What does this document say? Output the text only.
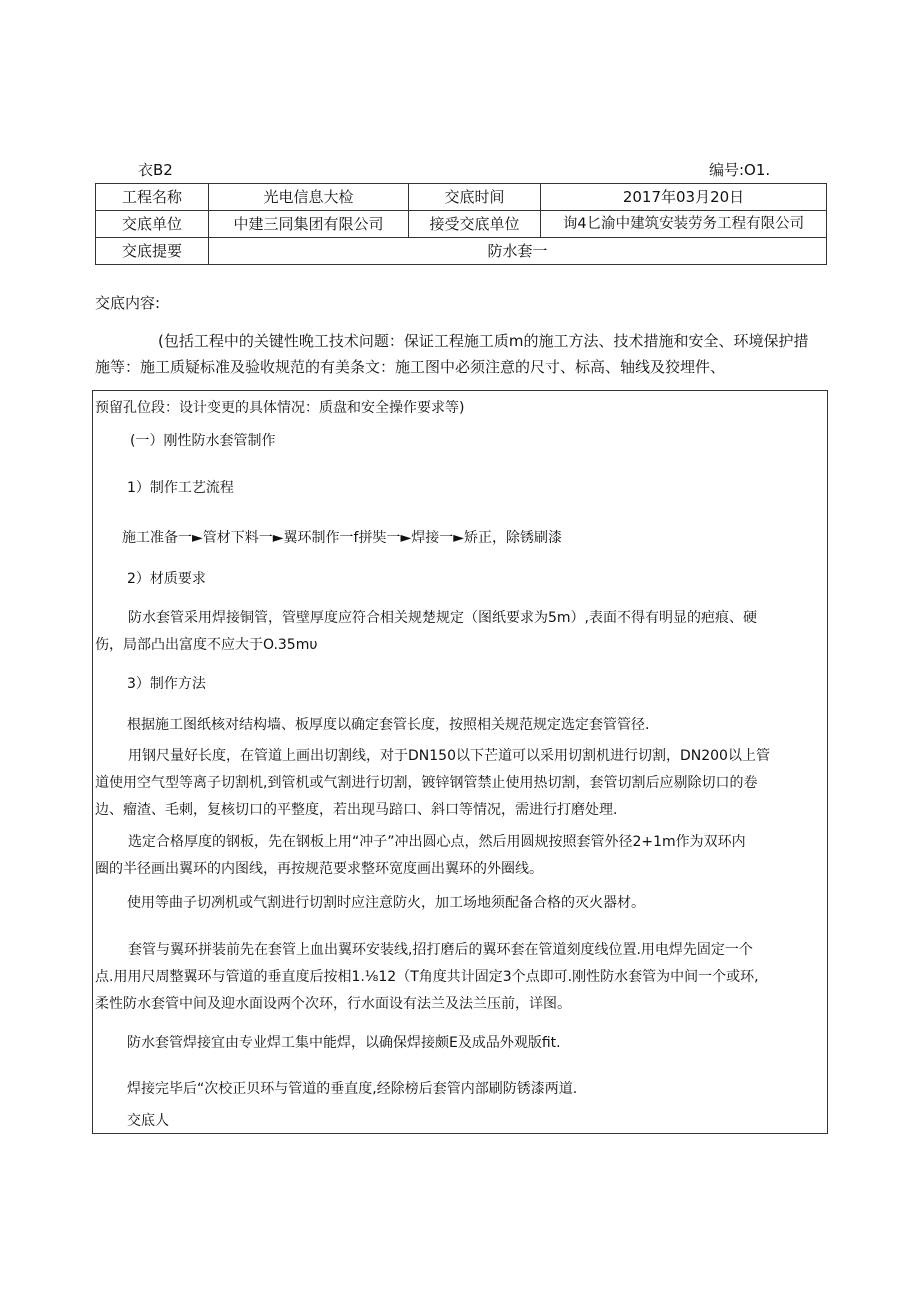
衣B2	编号:O1.
工程名称	光电信息大检	交底时间	2017年03月20日
交底单位	中建三同集团有限公司	接受交底单位	询4匕渝中建筑安装劳务工程有限公司
交底提要	防水套一		
交底内容:
(包括工程中的关键性晚工技术问题：保证工程施工质m的施工方法、技术措施和安全、环境保护措
施等：施工质疑标准及验收规范的有美条文：施工图中必须注意的尺寸、标高、轴线及狡埋件、
预留孔位段：设计变更的具体情况：质盘和安全操作要求等)
(一）刚性防水套管制作
1）制作工艺流程
施工准备一►管材下料一►翼环制作一f拼奘一►焊接一►矫正，除锈刷漆
2）材质要求
防水套管采用焊接铜管，管壁厚度应符合相关规楚规定（图纸要求为5m）,表面不得有明显的疤痕、硬
伤，局部凸出富度不应大于O.35mυ
3）制作方法
根据施工图纸核对结构墙、板厚度以确定套管长度，按照相关规范规定选定套管管径.
用钢尺量好长度，在管道上画出切割线，对于DN150以下芒道可以采用切割机进行切割，DN200以上管
道使用空气型等离子切割机,到管机或气割进行切割，镀锌钢管禁止使用热切割，套管切割后应剔除切口的卷
边、瘤渣、毛刺，复核切口的平整度，若出现马踣口、斜口等情况，需进行打磨处理.
选定合格厚度的钢板，先在钢板上用“冲子”冲出圆心点，然后用圆规按照套管外径2+1m作为双环内
圈的半径画出翼环的内图线，再按规范要求整环宽度画出翼环的外圈线。
使用等曲子切冽机或气割进行切割时应注意防火，加工场地须配备合格的灭火器材。
套管与翼环拼装前先在套管上血出翼环安装线,招打磨后的翼环套在管道刻度线位置.用电焊先固定一个
点.用用尺周整翼环与管道的垂直度后按相1.⅛12（T角度共计固定3个点即可.刚性防水套管为中间一个或环,
柔性防水套管中间及迎水面设两个次环，行水面设有法兰及法兰压前，详图。
防水套管焊接宜由专业焊工集中能焊，以确保焊接颇E及成品外观版fit.
焊接完毕后“次校正贝环与管道的垂直度,经除榜后套管内部刷防锈漆两道.
交底人
